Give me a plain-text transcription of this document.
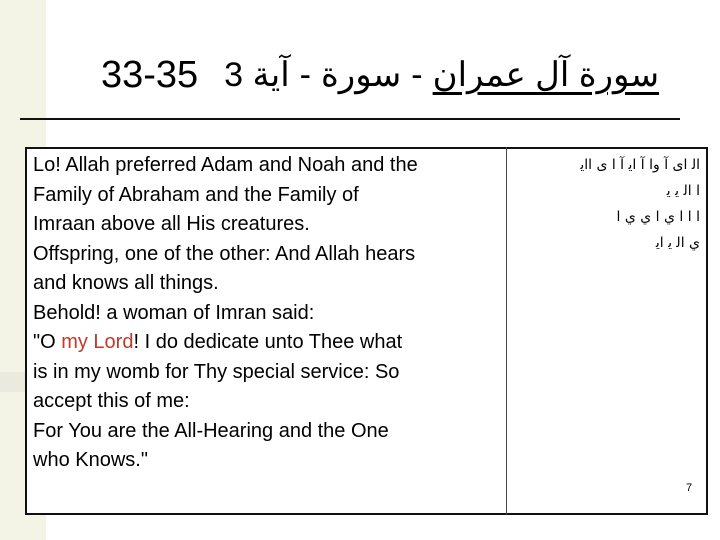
33-35 آية 3 - سورة - سورة آل عمران

Lo! Allah preferred Adam and Noah and the

Family of Abraham and the Family of

Imraan above all His creatures.

Offspring, one of the other: And Allah hears

and knows all things.

Behold! a woman of Imran said:

"O my Lord! I do dedicate unto Thee what

is in my womb for Thy special service: So

accept this of me:

For You are the All-Hearing and the One

who Knows."

ﺍﻟ ﺍﻯ ﺁ ﻭﺍ ﺁ ﺍﻳ ﺁ ﺍ ﻯ ﺍﺍﻳ
ﺍ ﺍﻟ ﻳ ﻳ
ﺍ ﺍ ﺍ ﻱ ﺍ ﻱ ﻱ ﺍ
ﻱ ﺍﻟ ﻳ ﺍﻳ
7
